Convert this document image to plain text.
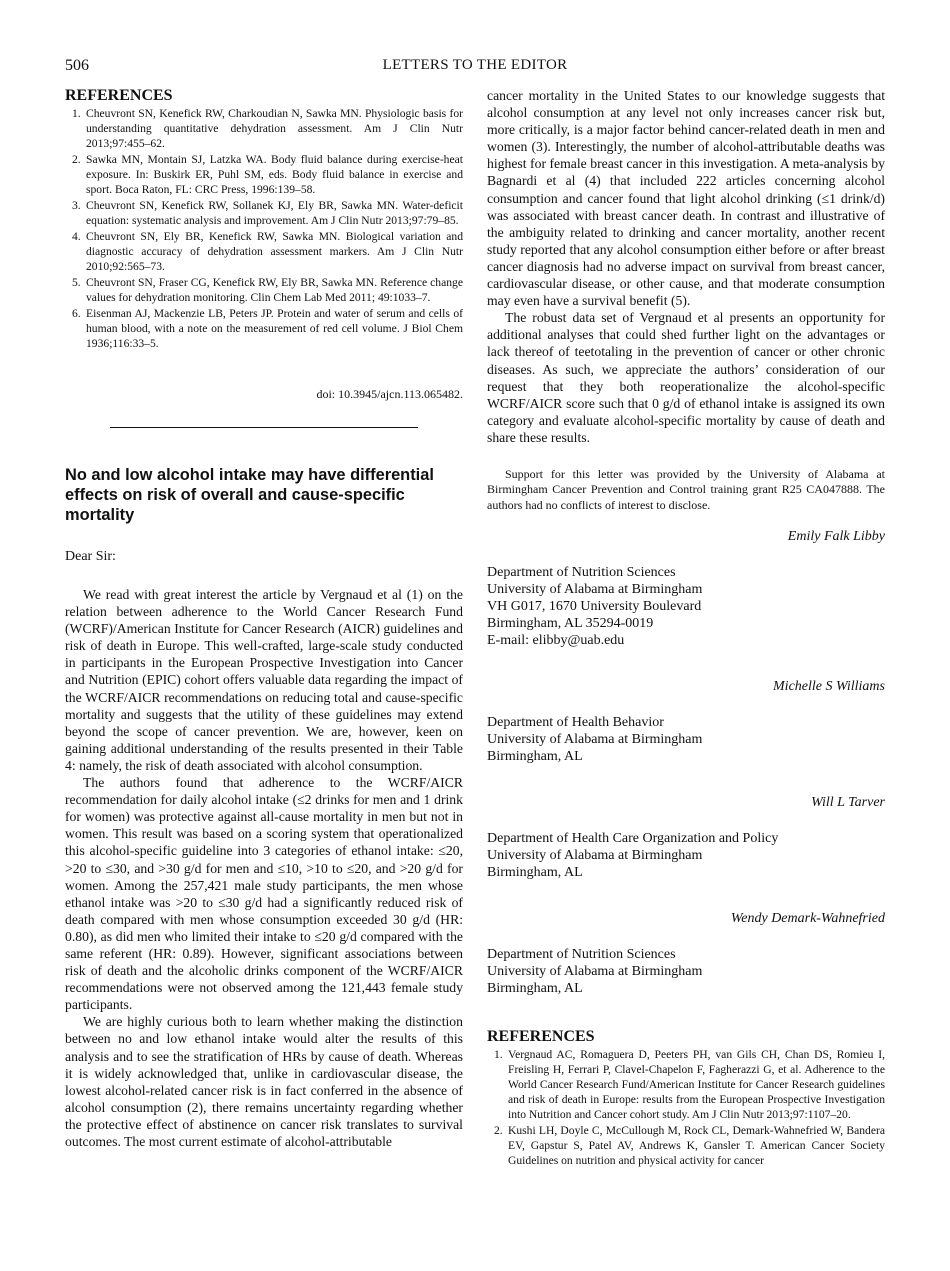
506	LETTERS TO THE EDITOR
REFERENCES
1. Cheuvront SN, Kenefick RW, Charkoudian N, Sawka MN. Physiologic basis for understanding quantitative dehydration assessment. Am J Clin Nutr 2013;97:455–62.
2. Sawka MN, Montain SJ, Latzka WA. Body fluid balance during exercise-heat exposure. In: Buskirk ER, Puhl SM, eds. Body fluid balance in exercise and sport. Boca Raton, FL: CRC Press, 1996:139–58.
3. Cheuvront SN, Kenefick RW, Sollanek KJ, Ely BR, Sawka MN. Water-deficit equation: systematic analysis and improvement. Am J Clin Nutr 2013;97:79–85.
4. Cheuvront SN, Ely BR, Kenefick RW, Sawka MN. Biological variation and diagnostic accuracy of dehydration assessment markers. Am J Clin Nutr 2010;92:565–73.
5. Cheuvront SN, Fraser CG, Kenefick RW, Ely BR, Sawka MN. Reference change values for dehydration monitoring. Clin Chem Lab Med 2011; 49:1033–7.
6. Eisenman AJ, Mackenzie LB, Peters JP. Protein and water of serum and cells of human blood, with a note on the measurement of red cell volume. J Biol Chem 1936;116:33–5.
doi: 10.3945/ajcn.113.065482.
No and low alcohol intake may have differential effects on risk of overall and cause-specific mortality
Dear Sir:

We read with great interest the article by Vergnaud et al (1) on the relation between adherence to the World Cancer Research Fund (WCRF)/American Institute for Cancer Research (AICR) guidelines and risk of death in Europe. This well-crafted, large-scale study conducted in participants in the European Prospective Investigation into Cancer and Nutrition (EPIC) cohort offers valuable data regarding the impact of the WCRF/AICR recommendations on reducing total and cause-specific mortality and suggests that the utility of these guidelines may extend beyond the scope of cancer prevention. We are, however, keen on gaining additional understanding of the results presented in their Table 4: namely, the risk of death associated with alcohol consumption.

The authors found that adherence to the WCRF/AICR recommendation for daily alcohol intake (≤2 drinks for men and 1 drink for women) was protective against all-cause mortality in men but not in women. This result was based on a scoring system that operationalized this alcohol-specific guideline into 3 categories of ethanol intake: ≤20, >20 to ≤30, and >30 g/d for men and ≤10, >10 to ≤20, and >20 g/d for women. Among the 257,421 male study participants, the men whose ethanol intake was >20 to ≤30 g/d had a significantly reduced risk of death compared with men whose consumption exceeded 30 g/d (HR: 0.80), as did men who limited their intake to ≤20 g/d compared with the same referent (HR: 0.89). However, significant associations between risk of death and the alcoholic drinks component of the WCRF/AICR recommendations were not observed among the 121,443 female study participants.

We are highly curious both to learn whether making the distinction between no and low ethanol intake would alter the results of this analysis and to see the stratification of HRs by cause of death. Whereas it is widely acknowledged that, unlike in cardiovascular disease, the lowest alcohol-related cancer risk is in fact conferred in the absence of alcohol consumption (2), there remains uncertainty regarding whether the protective effect of abstinence on cancer risk translates to survival outcomes. The most current estimate of alcohol-attributable

cancer mortality in the United States to our knowledge suggests that alcohol consumption at any level not only increases cancer risk but, more critically, is a major factor behind cancer-related death in men and women (3). Interestingly, the number of alcohol-attributable deaths was highest for female breast cancer in this investigation. A meta-analysis by Bagnardi et al (4) that included 222 articles concerning alcohol consumption and cancer found that light alcohol drinking (≤1 drink/d) was associated with breast cancer death. In contrast and illustrative of the ambiguity related to drinking and cancer mortality, another recent study reported that any alcohol consumption either before or after breast cancer diagnosis had no adverse impact on survival from breast cancer, cardiovascular disease, or other cause, and that moderate consumption may even have a survival benefit (5).

The robust data set of Vergnaud et al presents an opportunity for additional analyses that could shed further light on the advantages or lack thereof of teetotaling in the prevention of cancer or other chronic diseases. As such, we appreciate the authors’ consideration of our request that they both reoperationalize the alcohol-specific WCRF/AICR score such that 0 g/d of ethanol intake is assigned its own category and evaluate alcohol-specific mortality by cause of death and share these results.

Support for this letter was provided by the University of Alabama at Birmingham Cancer Prevention and Control training grant R25 CA047888. The authors had no conflicts of interest to disclose.
Emily Falk Libby
Department of Nutrition Sciences
University of Alabama at Birmingham
VH G017, 1670 University Boulevard
Birmingham, AL 35294-0019
E-mail: elibby@uab.edu
Michelle S Williams
Department of Health Behavior
University of Alabama at Birmingham
Birmingham, AL
Will L Tarver
Department of Health Care Organization and Policy
University of Alabama at Birmingham
Birmingham, AL
Wendy Demark-Wahnefried
Department of Nutrition Sciences
University of Alabama at Birmingham
Birmingham, AL
REFERENCES
1. Vergnaud AC, Romaguera D, Peeters PH, van Gils CH, Chan DS, Romieu I, Freisling H, Ferrari P, Clavel-Chapelon F, Fagherazzi G, et al. Adherence to the World Cancer Research Fund/American Institute for Cancer Research guidelines and risk of death in Europe: results from the European Prospective Investigation into Nutrition and Cancer cohort study. Am J Clin Nutr 2013;97:1107–20.
2. Kushi LH, Doyle C, McCullough M, Rock CL, Demark-Wahnefried W, Bandera EV, Gapstur S, Patel AV, Andrews K, Gansler T. American Cancer Society Guidelines on nutrition and physical activity for cancer
